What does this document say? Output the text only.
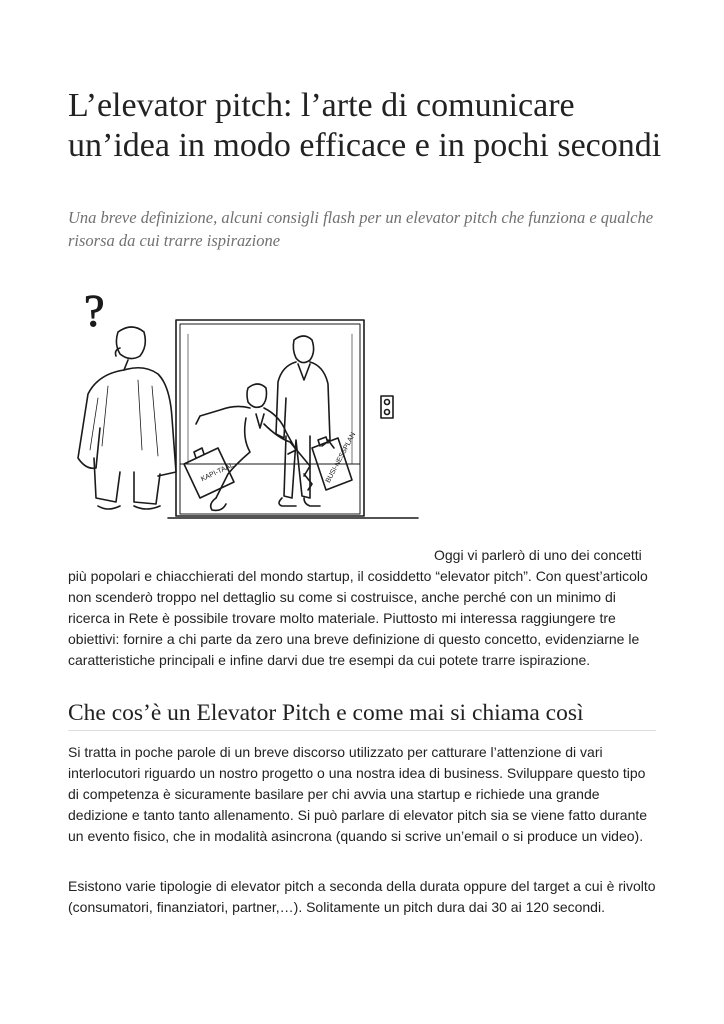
L’elevator pitch: l’arte di comunicare un’idea in modo efficace e in pochi secondi

Una breve definizione, alcuni consigli flash per un elevator pitch che funziona e qualche risorsa da cui trarre ispirazione

?
KAPI-TAAL	BUSI-NESSPLAN

Oggi vi parlerò di uno dei concetti più popolari e chiacchierati del mondo startup, il cosiddetto “elevator pitch”. Con quest’articolo non scenderò troppo nel dettaglio su come si costruisce, anche perché con un minimo di ricerca in Rete è possibile trovare molto materiale. Piuttosto mi interessa raggiungere tre obiettivi: fornire a chi parte da zero una breve definizione di questo concetto, evidenziarne le caratteristiche principali e infine darvi due tre esempi da cui potete trarre ispirazione.

Che cos’è un Elevator Pitch e come mai si chiama così

Si tratta in poche parole di un breve discorso utilizzato per catturare l’attenzione di vari interlocutori riguardo un nostro progetto o una nostra idea di business. Sviluppare questo tipo di competenza è sicuramente basilare per chi avvia una startup e richiede una grande dedizione e tanto tanto allenamento. Si può parlare di elevator pitch sia se viene fatto durante un evento fisico, che in modalità asincrona (quando si scrive un’email o si produce un video).

Esistono varie tipologie di elevator pitch a seconda della durata oppure del target a cui è rivolto (consumatori, finanziatori, partner,…). Solitamente un pitch dura dai 30 ai 120 secondi.
